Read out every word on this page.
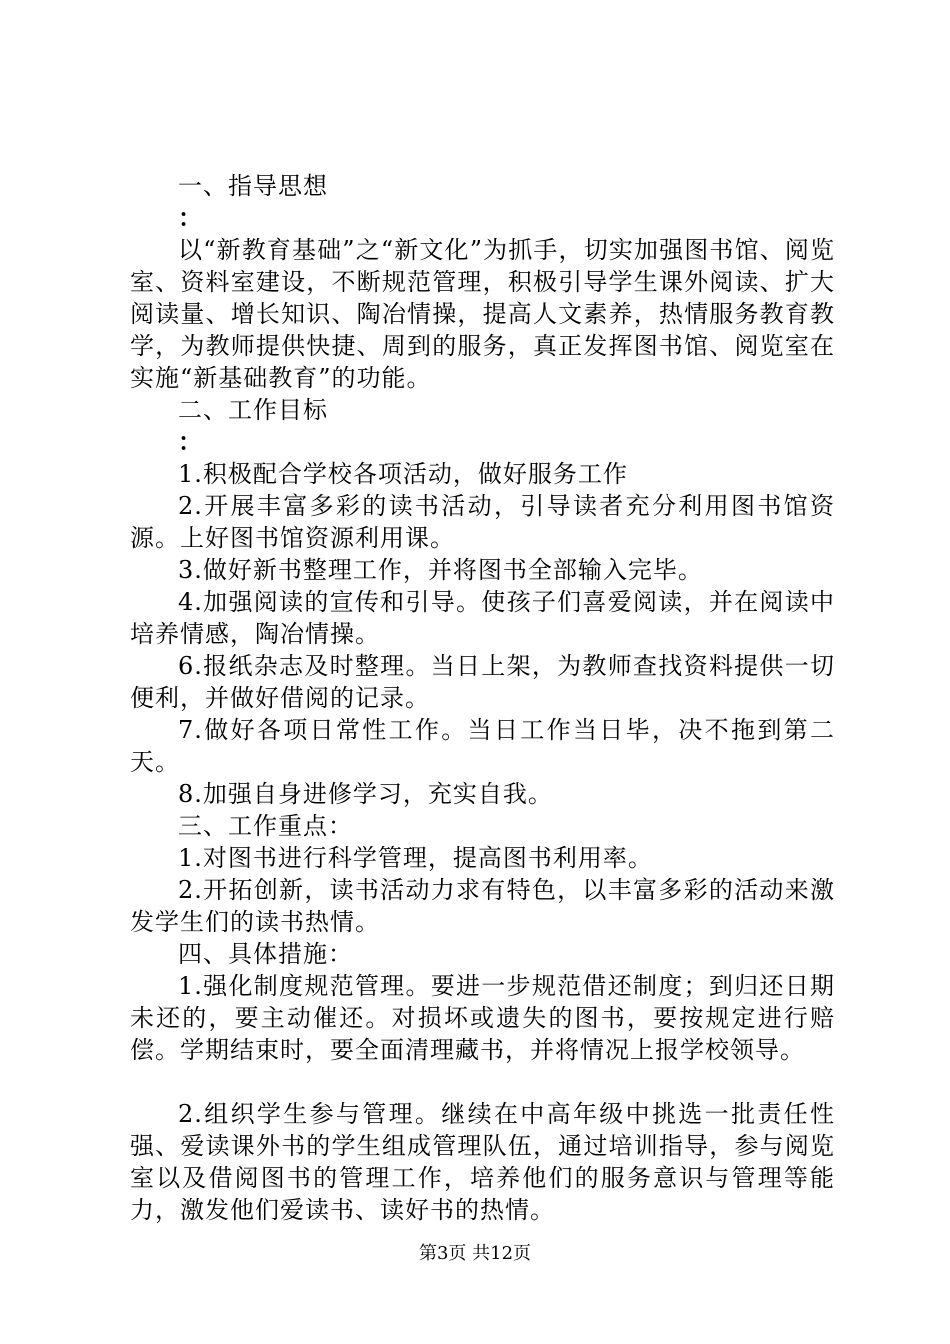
一、指导思想

：

以“新教育基础”之“新文化”为抓手，切实加强图书馆、阅览室、资料室建设，不断规范管理，积极引导学生课外阅读、扩大阅读量、增长知识、陶冶情操，提高人文素养，热情服务教育教学，为教师提供快捷、周到的服务，真正发挥图书馆、阅览室在实施“新基础教育”的功能。

二、工作目标

：

1.积极配合学校各项活动，做好服务工作

2.开展丰富多彩的读书活动，引导读者充分利用图书馆资源。上好图书馆资源利用课。

3.做好新书整理工作，并将图书全部输入完毕。

4.加强阅读的宣传和引导。使孩子们喜爱阅读，并在阅读中培养情感，陶冶情操。

6.报纸杂志及时整理。当日上架，为教师查找资料提供一切便利，并做好借阅的记录。

7.做好各项日常性工作。当日工作当日毕，决不拖到第二天。

8.加强自身进修学习，充实自我。

三、工作重点：

1.对图书进行科学管理，提高图书利用率。

2.开拓创新，读书活动力求有特色，以丰富多彩的活动来激发学生们的读书热情。

四、具体措施：

1.强化制度规范管理。要进一步规范借还制度；到归还日期未还的，要主动催还。对损坏或遗失的图书，要按规定进行赔偿。学期结束时，要全面清理藏书，并将情况上报学校领导。

2.组织学生参与管理。继续在中高年级中挑选一批责任性强、爱读课外书的学生组成管理队伍，通过培训指导，参与阅览室以及借阅图书的管理工作，培养他们的服务意识与管理等能力，激发他们爱读书、读好书的热情。

第3页 共12页
